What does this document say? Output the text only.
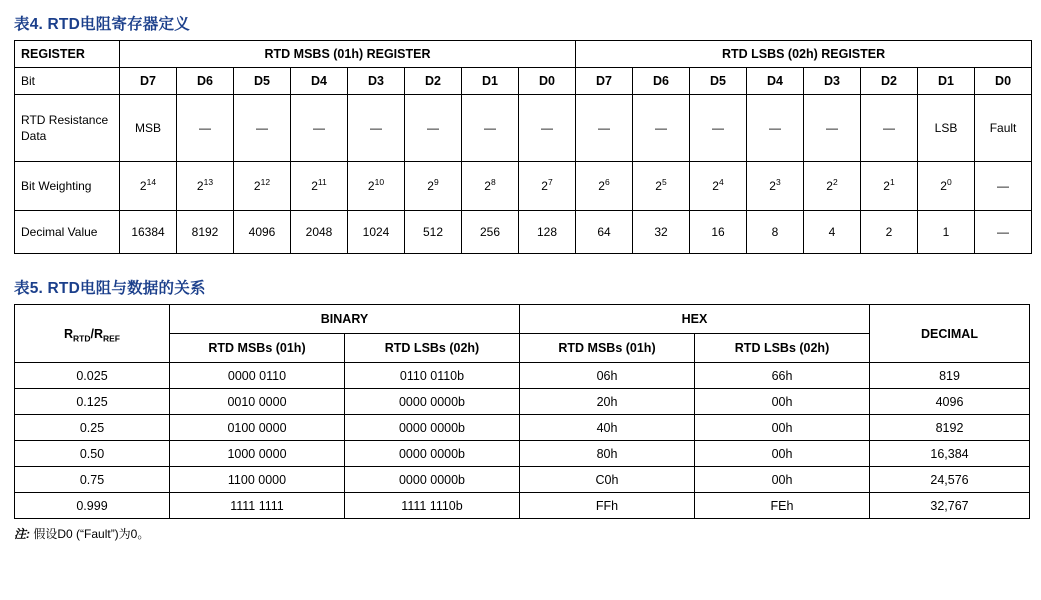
表4. RTD电阻寄存器定义
REGISTER	RTD MSBS (01h) REGISTER								RTD LSBS (02h) REGISTER							
Bit	D7	D6	D5	D4	D3	D2	D1	D0	D7	D6	D5	D4	D3	D2	D1	D0
RTD Resistance Data	MSB	—	—	—	—	—	—	—	—	—	—	—	—	—	LSB	Fault
Bit Weighting	$2^{14}$	$2^{13}$	$2^{12}$	$2^{11}$	$2^{10}$	$2^9$	$2^8$	$2^7$	$2^6$	$2^5$	$2^4$	$2^3$	$2^2$	$2^1$	$2^0$	—
Decimal Value	16384	8192	4096	2048	1024	512	256	128	64	32	16	8	4	2	1	—
表5. RTD电阻与数据的关系
$R_{RTD}/R_{REF}$	BINARY		HEX		DECIMAL
	RTD MSBs (01h)	RTD LSBs (02h)	RTD MSBs (01h)	RTD LSBs (02h)	
0.025	0000 0110	0110 0110b	06h	66h	819
0.125	0010 0000	0000 0000b	20h	00h	4096
0.25	0100 0000	0000 0000b	40h	00h	8192
0.50	1000 0000	0000 0000b	80h	00h	16,384
0.75	1100 0000	0000 0000b	C0h	00h	24,576
0.999	1111 1111	1111 1110b	FFh	FEh	32,767
注: 假设D0 (“Fault”)为0。
